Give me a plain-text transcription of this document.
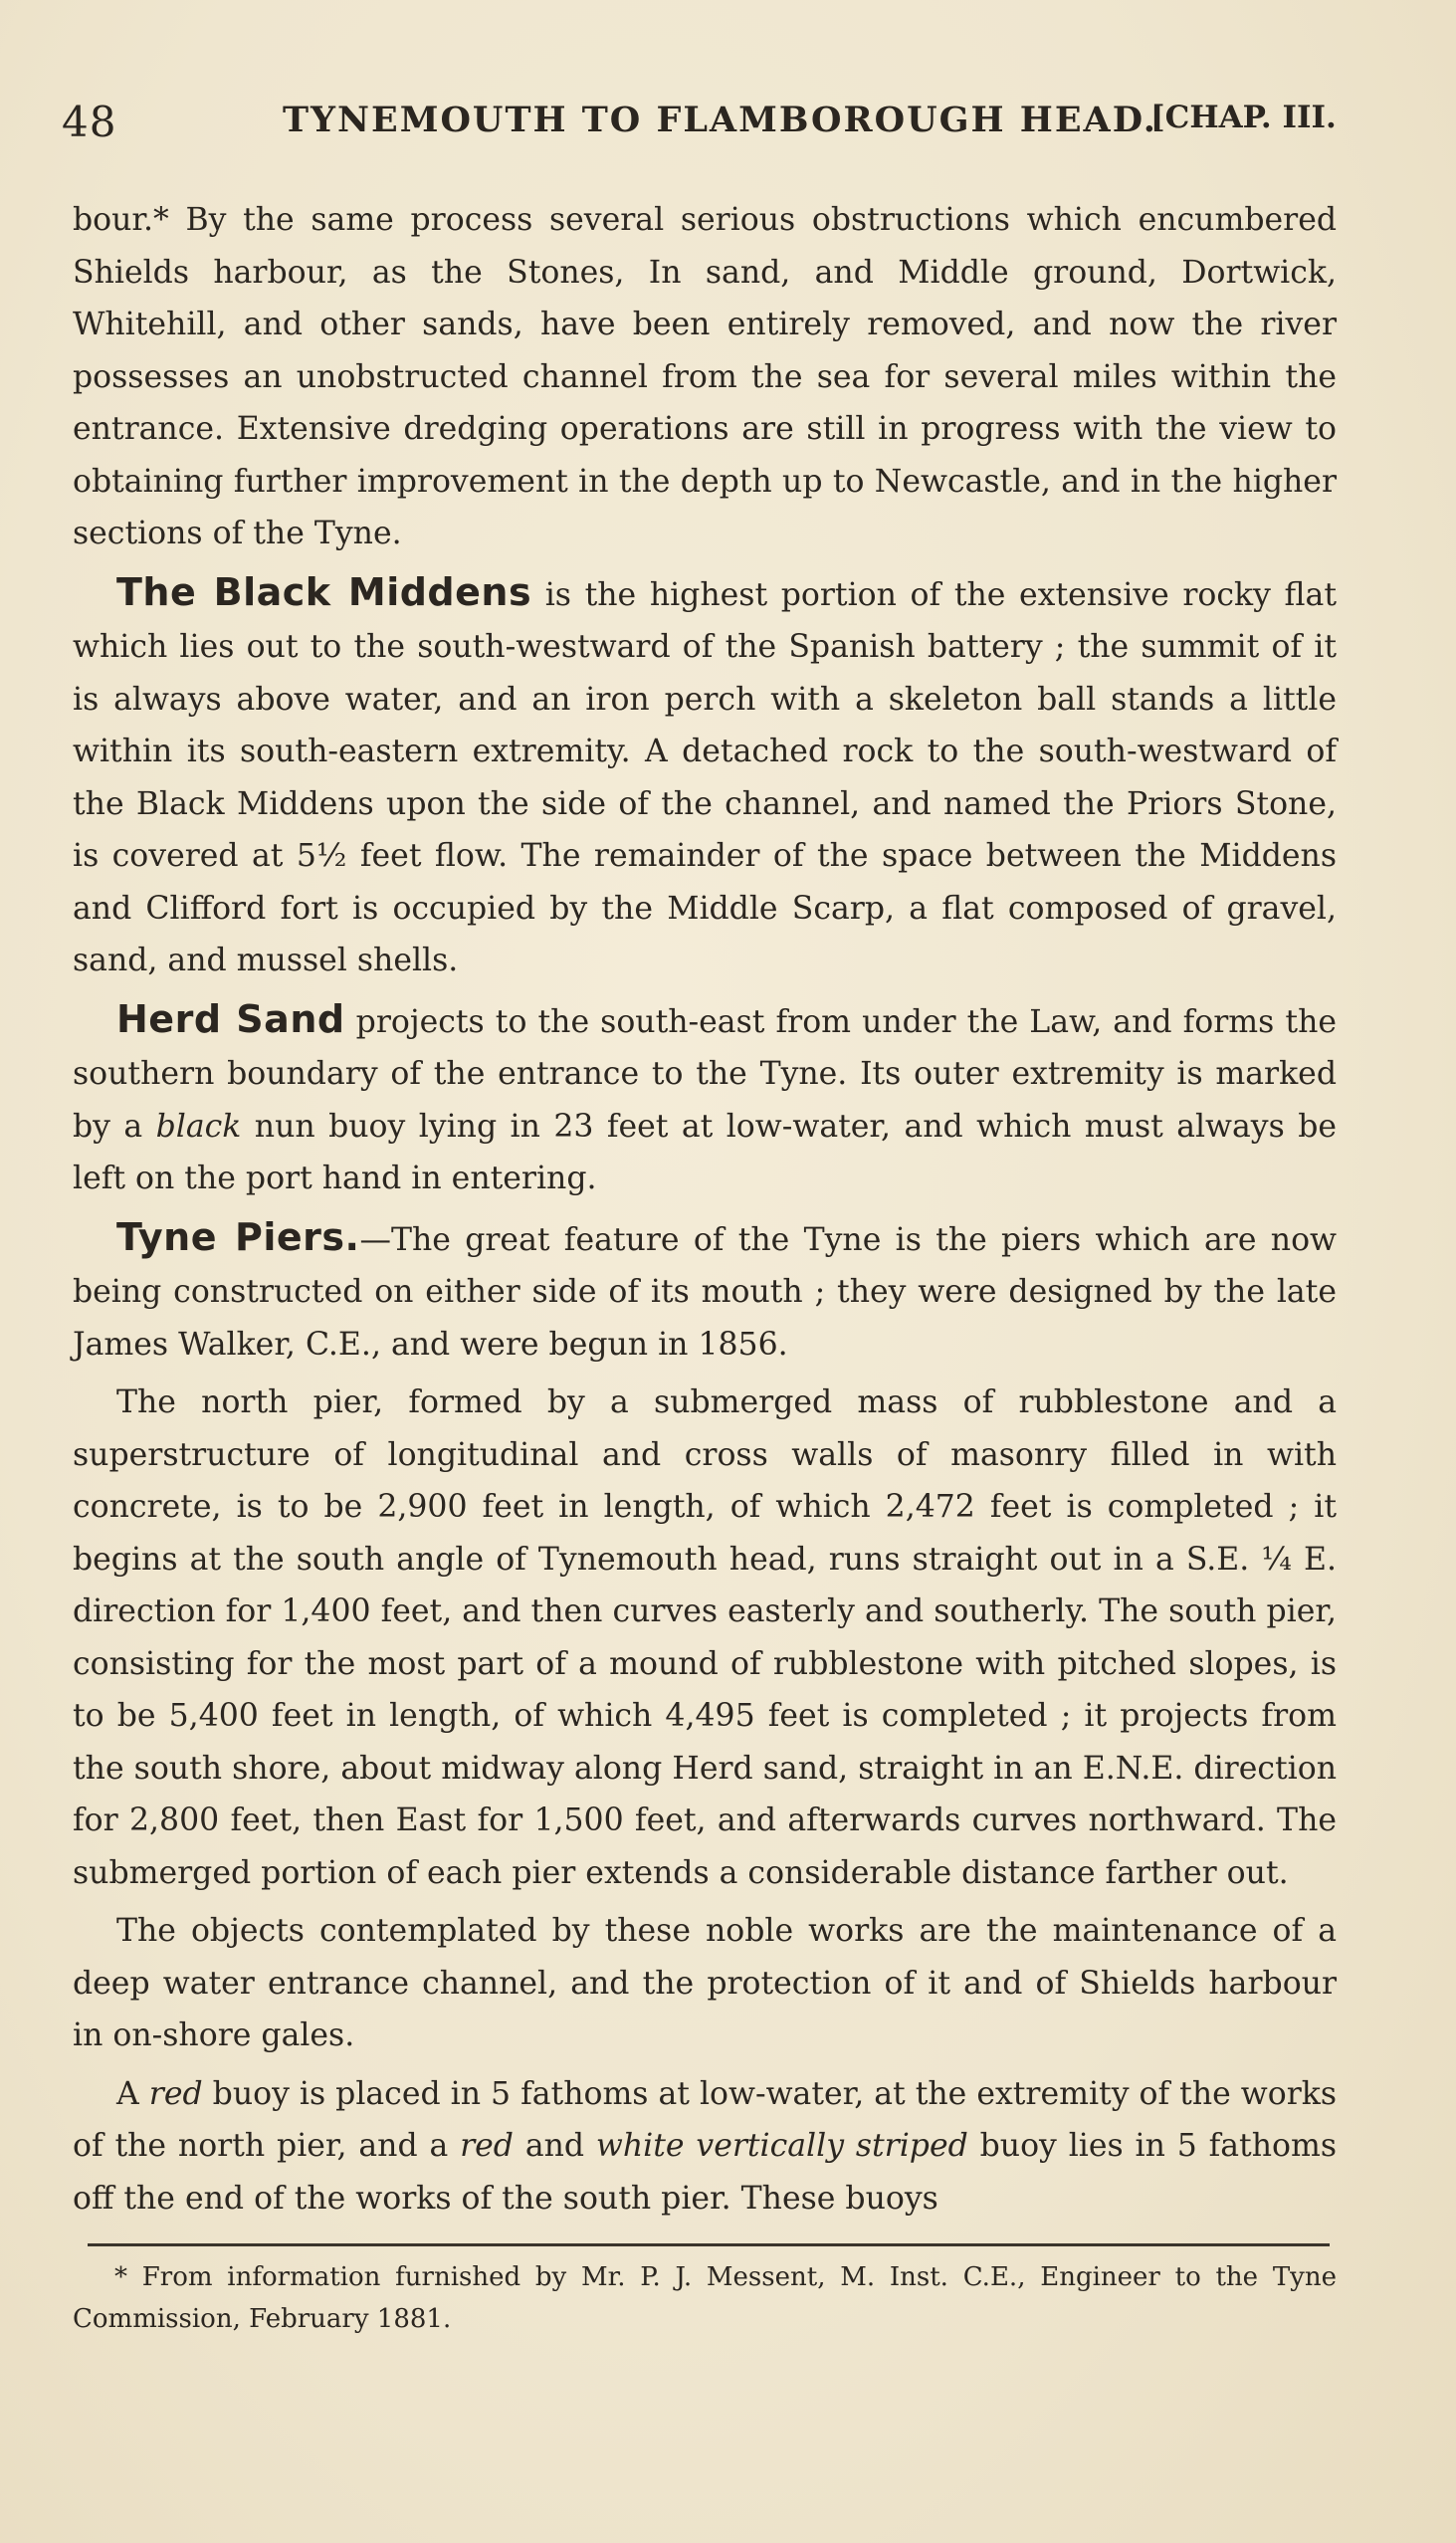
48	TYNEMOUTH TO FLAMBOROUGH HEAD.
[CHAP. III.

bour.* By the same process several serious obstructions which encumbered Shields harbour, as the Stones, In sand, and Middle ground, Dortwick, Whitehill, and other sands, have been entirely removed, and now the river possesses an unobstructed channel from the sea for several miles within the entrance. Extensive dredging operations are still in progress with the view to obtaining further improvement in the depth up to Newcastle, and in the higher sections of the Tyne.

The Black Middens is the highest portion of the extensive rocky flat which lies out to the south-westward of the Spanish battery ; the summit of it is always above water, and an iron perch with a skeleton ball stands a little within its south-eastern extremity. A detached rock to the south-westward of the Black Middens upon the side of the channel, and named the Priors Stone, is covered at 5½ feet flow. The remainder of the space between the Middens and Clifford fort is occupied by the Middle Scarp, a flat composed of gravel, sand, and mussel shells.

Herd Sand projects to the south-east from under the Law, and forms the southern boundary of the entrance to the Tyne. Its outer extremity is marked by a black nun buoy lying in 23 feet at low-water, and which must always be left on the port hand in entering.

Tyne Piers.—The great feature of the Tyne is the piers which are now being constructed on either side of its mouth ; they were designed by the late James Walker, C.E., and were begun in 1856.

The north pier, formed by a submerged mass of rubblestone and a superstructure of longitudinal and cross walls of masonry filled in with concrete, is to be 2,900 feet in length, of which 2,472 feet is completed ; it begins at the south angle of Tynemouth head, runs straight out in a S.E. ¼ E. direction for 1,400 feet, and then curves easterly and southerly. The south pier, consisting for the most part of a mound of rubblestone with pitched slopes, is to be 5,400 feet in length, of which 4,495 feet is completed ; it projects from the south shore, about midway along Herd sand, straight in an E.N.E. direction for 2,800 feet, then East for 1,500 feet, and afterwards curves northward. The submerged portion of each pier extends a considerable distance farther out.

The objects contemplated by these noble works are the maintenance of a deep water entrance channel, and the protection of it and of Shields harbour in on-shore gales.

A red buoy is placed in 5 fathoms at low-water, at the extremity of the works of the north pier, and a red and white vertically striped buoy lies in 5 fathoms off the end of the works of the south pier. These buoys

* From information furnished by Mr. P. J. Messent, M. Inst. C.E., Engineer to the Tyne Commission, February 1881.
